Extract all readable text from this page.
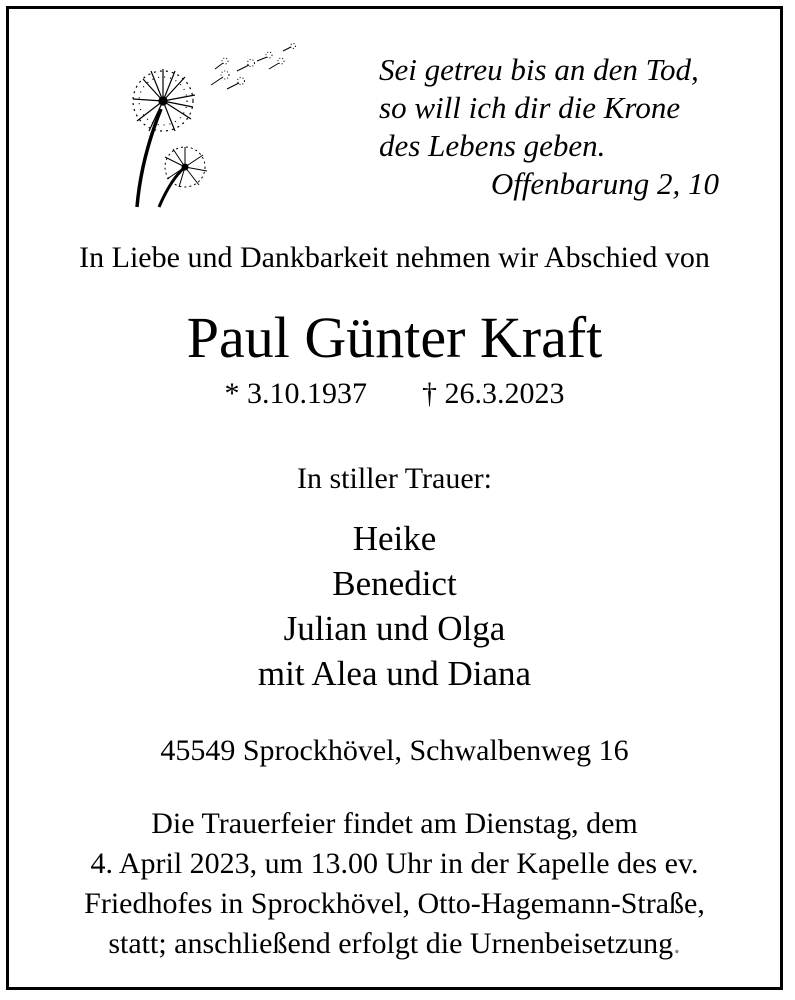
Sei getreu bis an den Tod,
so will ich dir die Krone
des Lebens geben.
Offenbarung 2, 10
In Liebe und Dankbarkeit nehmen wir Abschied von
Paul Günter Kraft
* 3.10.1937 † 26.3.2023
In stiller Trauer:
Heike
Benedict
Julian und Olga
mit Alea und Diana
45549 Sprockhövel, Schwalbenweg 16
Die Trauerfeier findet am Dienstag, dem
4. April 2023, um 13.00 Uhr in der Kapelle des ev.
Friedhofes in Sprockhövel, Otto-Hagemann-Straße,
statt; anschließend erfolgt die Urnenbeisetzung.
